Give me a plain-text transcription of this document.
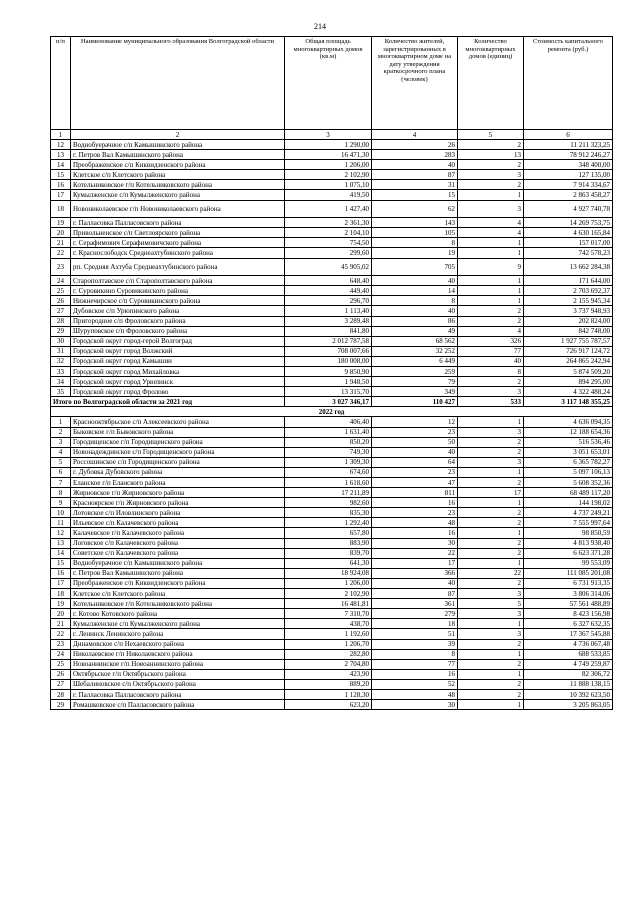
214
п/п	Наименование муниципального образования Волгоградской области	Общая площадь многоквартирных домов (кв.м)	Количество жителей, зарегистрированных в многоквартирном доме на дату утверждения краткосрочного плана (человек)	Количество многоквартирных домов (единиц)	Стоимость капитального ремонта (руб.)
1	2	3	4	5	6
12	Водноб​уерачное с/п Камышинского района	1 290,00	26	2	11 211 323,25
13	г. Петров Вал Камышинского района	16 471,30	283	13	78 912 246,27
14	Преображенское с/п Киквидзенского района	1 206,00	40	2	348 400,00
15	Клетское с/п Клетского района	2 102,90	87	3	127 135,00
16	Котельниковское г/п Котельниковского района	1 075,10	31	2	7 914 334,67
17	Кумылженское с/п Кумылженского района	419,50	15	1	2 863 458,27
18	Новониколаевское г/п Новониколаевского района	1 427,40	62	3	4 927 740,78
19	г. Палласовка Палласовского района	2 361,30	143	4	14 269 753,75
20	Привольненское с/п Светлоярского района	2 104,10	105	4	4 630 165,84
21	г. Серафимович Серафимовичского района	754,50	8	1	157 017,00
22	г. Краснослободск Среднеахтубинского района	299,60	19	1	742 578,23
23	рп. Средняя Ахтуба Среднеахтубинского района	45 905,02	705	9	13 662 284,38
24	Старополтавское с/п Старополтавского района	648,40	40	1	171 644,00
25	г. Суровикино Суровикинского района	449,40	14	1	2 703 692,37
26	Нижнечирское с/п Суровикинского района	296,70	8	1	2 155 945,34
27	Дубовское с/п Урюпинского района	1 113,40	40	2	3 737 948,93
28	Пригородное с/п Фроловского района	3 289,48	86	2	202 824,00
29	Шуруповское с/п Фроловского района	841,80	49	4	842 748,00
30	Городской округ город-герой Волгоград	2 012 787,58	68 562	326	1 927 755 787,57
31	Городской округ город Волжский	708 007,66	32 252	77	726 917 124,72
32	Городской округ город Камышин	180 008,00	6 449	40	264 865 242,94
33	Городской округ город Михайловка	9 850,90	259	8	5 874 509,20
34	Городской округ город Урюпинск	1 948,50	79	2	894 295,00
35	Городской округ город Фролово	13 315,70	349	3	4 322 488,24
Итого по Волгоградской области за 2021 год		3 027 346,17	110 427	533	3 117 148 355,25
2022 год					
1	Краснооктябрьское с/п Алексеевского района	406,40	12	1	4 636 094,35
2	Быковское г/п Быковского района	1 631,40	23	3	12 188 654,36
3	Городищенское г/п Городищенского района	850,20	50	2	516 536,46
4	Новонадеждинское с/п Городищенского района	749,30	40	2	3 051 653,01
5	Россошинское с/п Городищенского района	1 309,30	64	3	6 365 782,27
6	г. Дубовка Дубовского района	674,60	23	1	5 097 106,13
7	Еланское г/п Еланского района	1 618,60	47	2	5 608 352,36
8	Жирновское г/п Жирновского района	17 211,89	811	17	68 489 117,20
9	Красноярское г/п Жирновского района	982,60	16	1	144 198,02
10	Лотовское с/п Иловлинского района	835,30	23	2	4 737 249,21
11	Ильевское с/п Калачевского района	1 292,40	48	2	7 555 997,64
12	Калачевское г/п Калачевского района	657,80	16	1	98 850,59
13	Логовское с/п Калачевского района	883,90	30	2	4 813 938,40
14	Советское с/п Калачевского района	839,70	22	2	6 623 371,28
15	Водноб​уерачное с/п Камышинского района	641,30	17	1	99 553,09
16	г. Петров Вал Камышинского района	18 924,08	366	22	111 085 201,08
17	Преображенское с/п Киквидзенского района	1 206,00	40	2	6 731 913,35
18	Клетское с/п Клетского района	2 102,90	87	3	3 806 314,06
19	Котельниковское г/п Котельниковского района	16 481,81	361	5	57 561 488,89
20	г. Котово Котовского района	7 310,70	279	3	8 423 156,98
21	Кумылженское с/п Кумылженского района	438,70	18	1	6 327 632,35
22	г. Ленинск Ленинского района	1 192,60	51	3	17 367 545,88
23	Динамовское с/п Нехаевского района	1 206,70	39	2	4 736 067,48
24	Николаевское г/п Николаевского района	282,80	8	1	688 533,85
25	Новоаннинское г/п Новоаннинского района	2 704,80	77	2	4 749 259,87
26	Октябрьское г/п Октябрьского района	423,90	16	1	82 306,72
27	Шебалиновское с/п Октябрьского района	889,20	52	2	11 888 138,15
28	г. Палласовка Палласовского района	1 128,30	48	2	10 392 623,50
29	Ромашковское с/п Палласовского района	623,20	30	1	3 205 863,05
